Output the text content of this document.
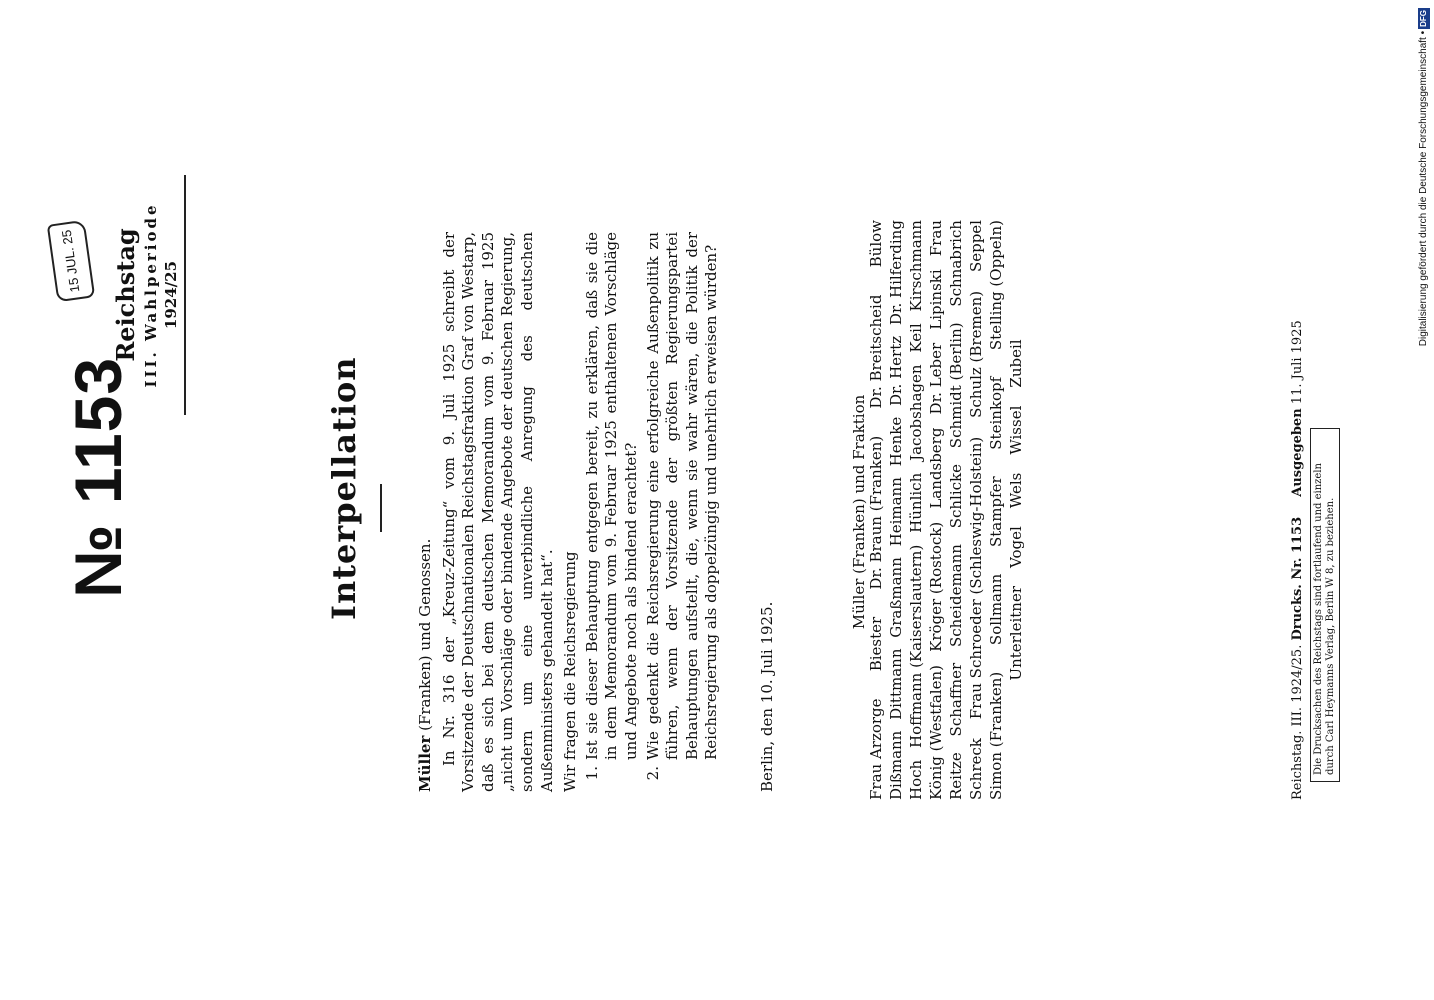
№ 1153
15 JUL. 25	Reichstag III. Wahlperiode 1924/25
Interpellation

Müller (Franken) und Genossen. In Nr. 316 der „Kreuz-Zeitung“ vom 9. Juli 1925 schreibt der Vorsitzende der Deutschnationalen Reichstagsfraktion Graf von Westarp, daß es sich bei dem deutschen Memorandum vom 9. Februar 1925 „nicht um Vorschläge oder bindende Angebote der deutschen Regierung, sondern um eine unverbindliche Anregung des deutschen Außenministers gehandelt hat“. Wir fragen die Reichsregierung 1.
Ist sie dieser Behauptung entgegen bereit, zu erklären, daß sie die in dem Memorandum vom 9. Februar 1925 enthaltenen Vorschläge und Angebote noch als bindend erachtet?
2.
Wie gedenkt die Reichsregierung eine erfolgreiche Außenpolitik zu führen, wenn der Vorsitzende der größten Regierungspartei Behauptungen aufstellt, die, wenn sie wahr wären, die Politik der Reichsregierung als doppelzüngig und unehrlich erweisen würden?	Berlin, den 10. Juli 1925.

Müller (Franken) und Fraktion
Frau Arzorge
Biester
Dr. Braun (Franken)
Dr. Breitscheid
Bülow
Dißmann
Dittmann
Graßmann
Heimann
Henke
Dr. Hertz
Dr. Hilferding
Hoch
Hoffmann (Kaiserslautern)
Hünlich
Jacobshagen
Keil
Kirschmann
König (Westfalen)
Kröger (Rostock)
Landsberg
Dr. Leber
Lipinski
Frau
Reitze
Schaffner
Scheidemann
Schlicke
Schmidt (Berlin)
Schnabrich
Schreck
Frau Schroeder (Schleswig-Holstein)
Schulz (Bremen)
Seppel
Simon (Franken)
Sollmann
Stampfer
Steinkopf
Stelling (Oppeln)
Unterleitner
Vogel
Wels
Wissel
Zubeil
Reichstag. III. 1924/25. Drucks. Nr. 1153 Ausgegeben 11. Juli 1925
Die Drucksachen des Reichstags sind fortlaufend und einzeln durch Carl Heymanns Verlag, Berlin W 8, zu beziehen.
Digitalisierung gefördert durch die Deutsche Forschungsgemeinschaft •DFG
